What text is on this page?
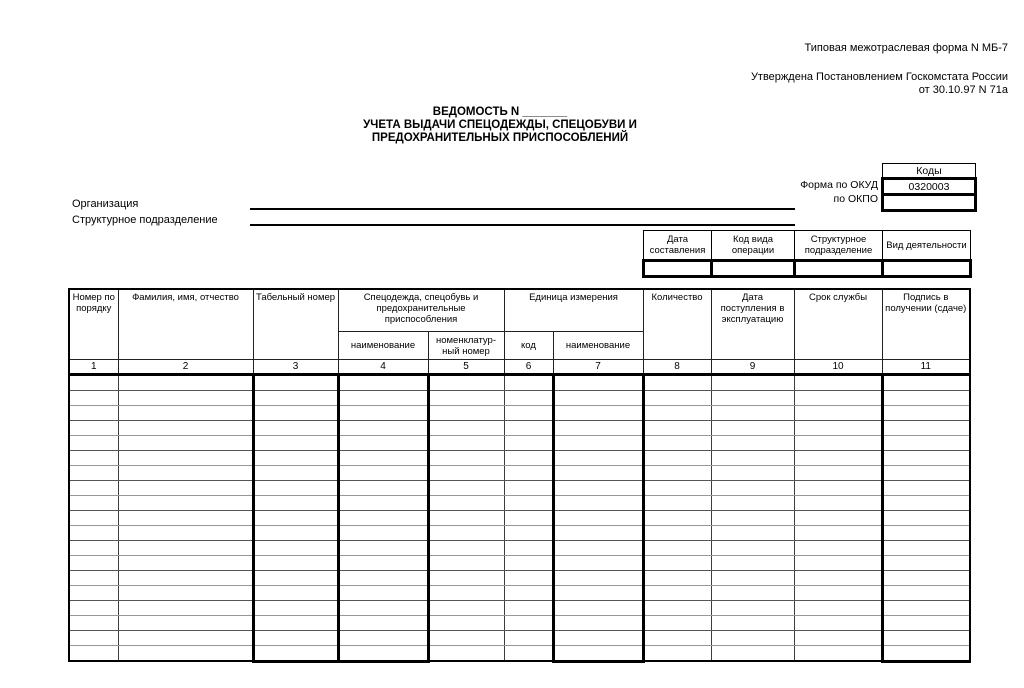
Типовая межотраслевая форма N МБ-7
Утверждена Постановлением Госкомстата России
от 30.10.97 N 71а
ВЕДОМОСТЬ N _______
УЧЕТА ВЫДАЧИ СПЕЦОДЕЖДЫ, СПЕЦОБУВИ И
ПРЕДОХРАНИТЕЛЬНЫХ ПРИСПОСОБЛЕНИЙ
Форма по ОКУД
по ОКПО
Коды
0320003

Организация
Структурное подразделение
Дата составления	Код вида операции	Структурное подразделение	Вид деятельности

Номер по порядку	Фамилия, имя, отчество	Табельный номер	Спецодежда, спецобувь и предохранительные приспособления		Единица измерения		Количество	Дата поступления в эксплуатацию	Срок службы	Подпись в получении (сдаче)
			наименование	номенклатурный номер	код	наименование				
1	2	3	4	5	6	7	8	9	10	11
